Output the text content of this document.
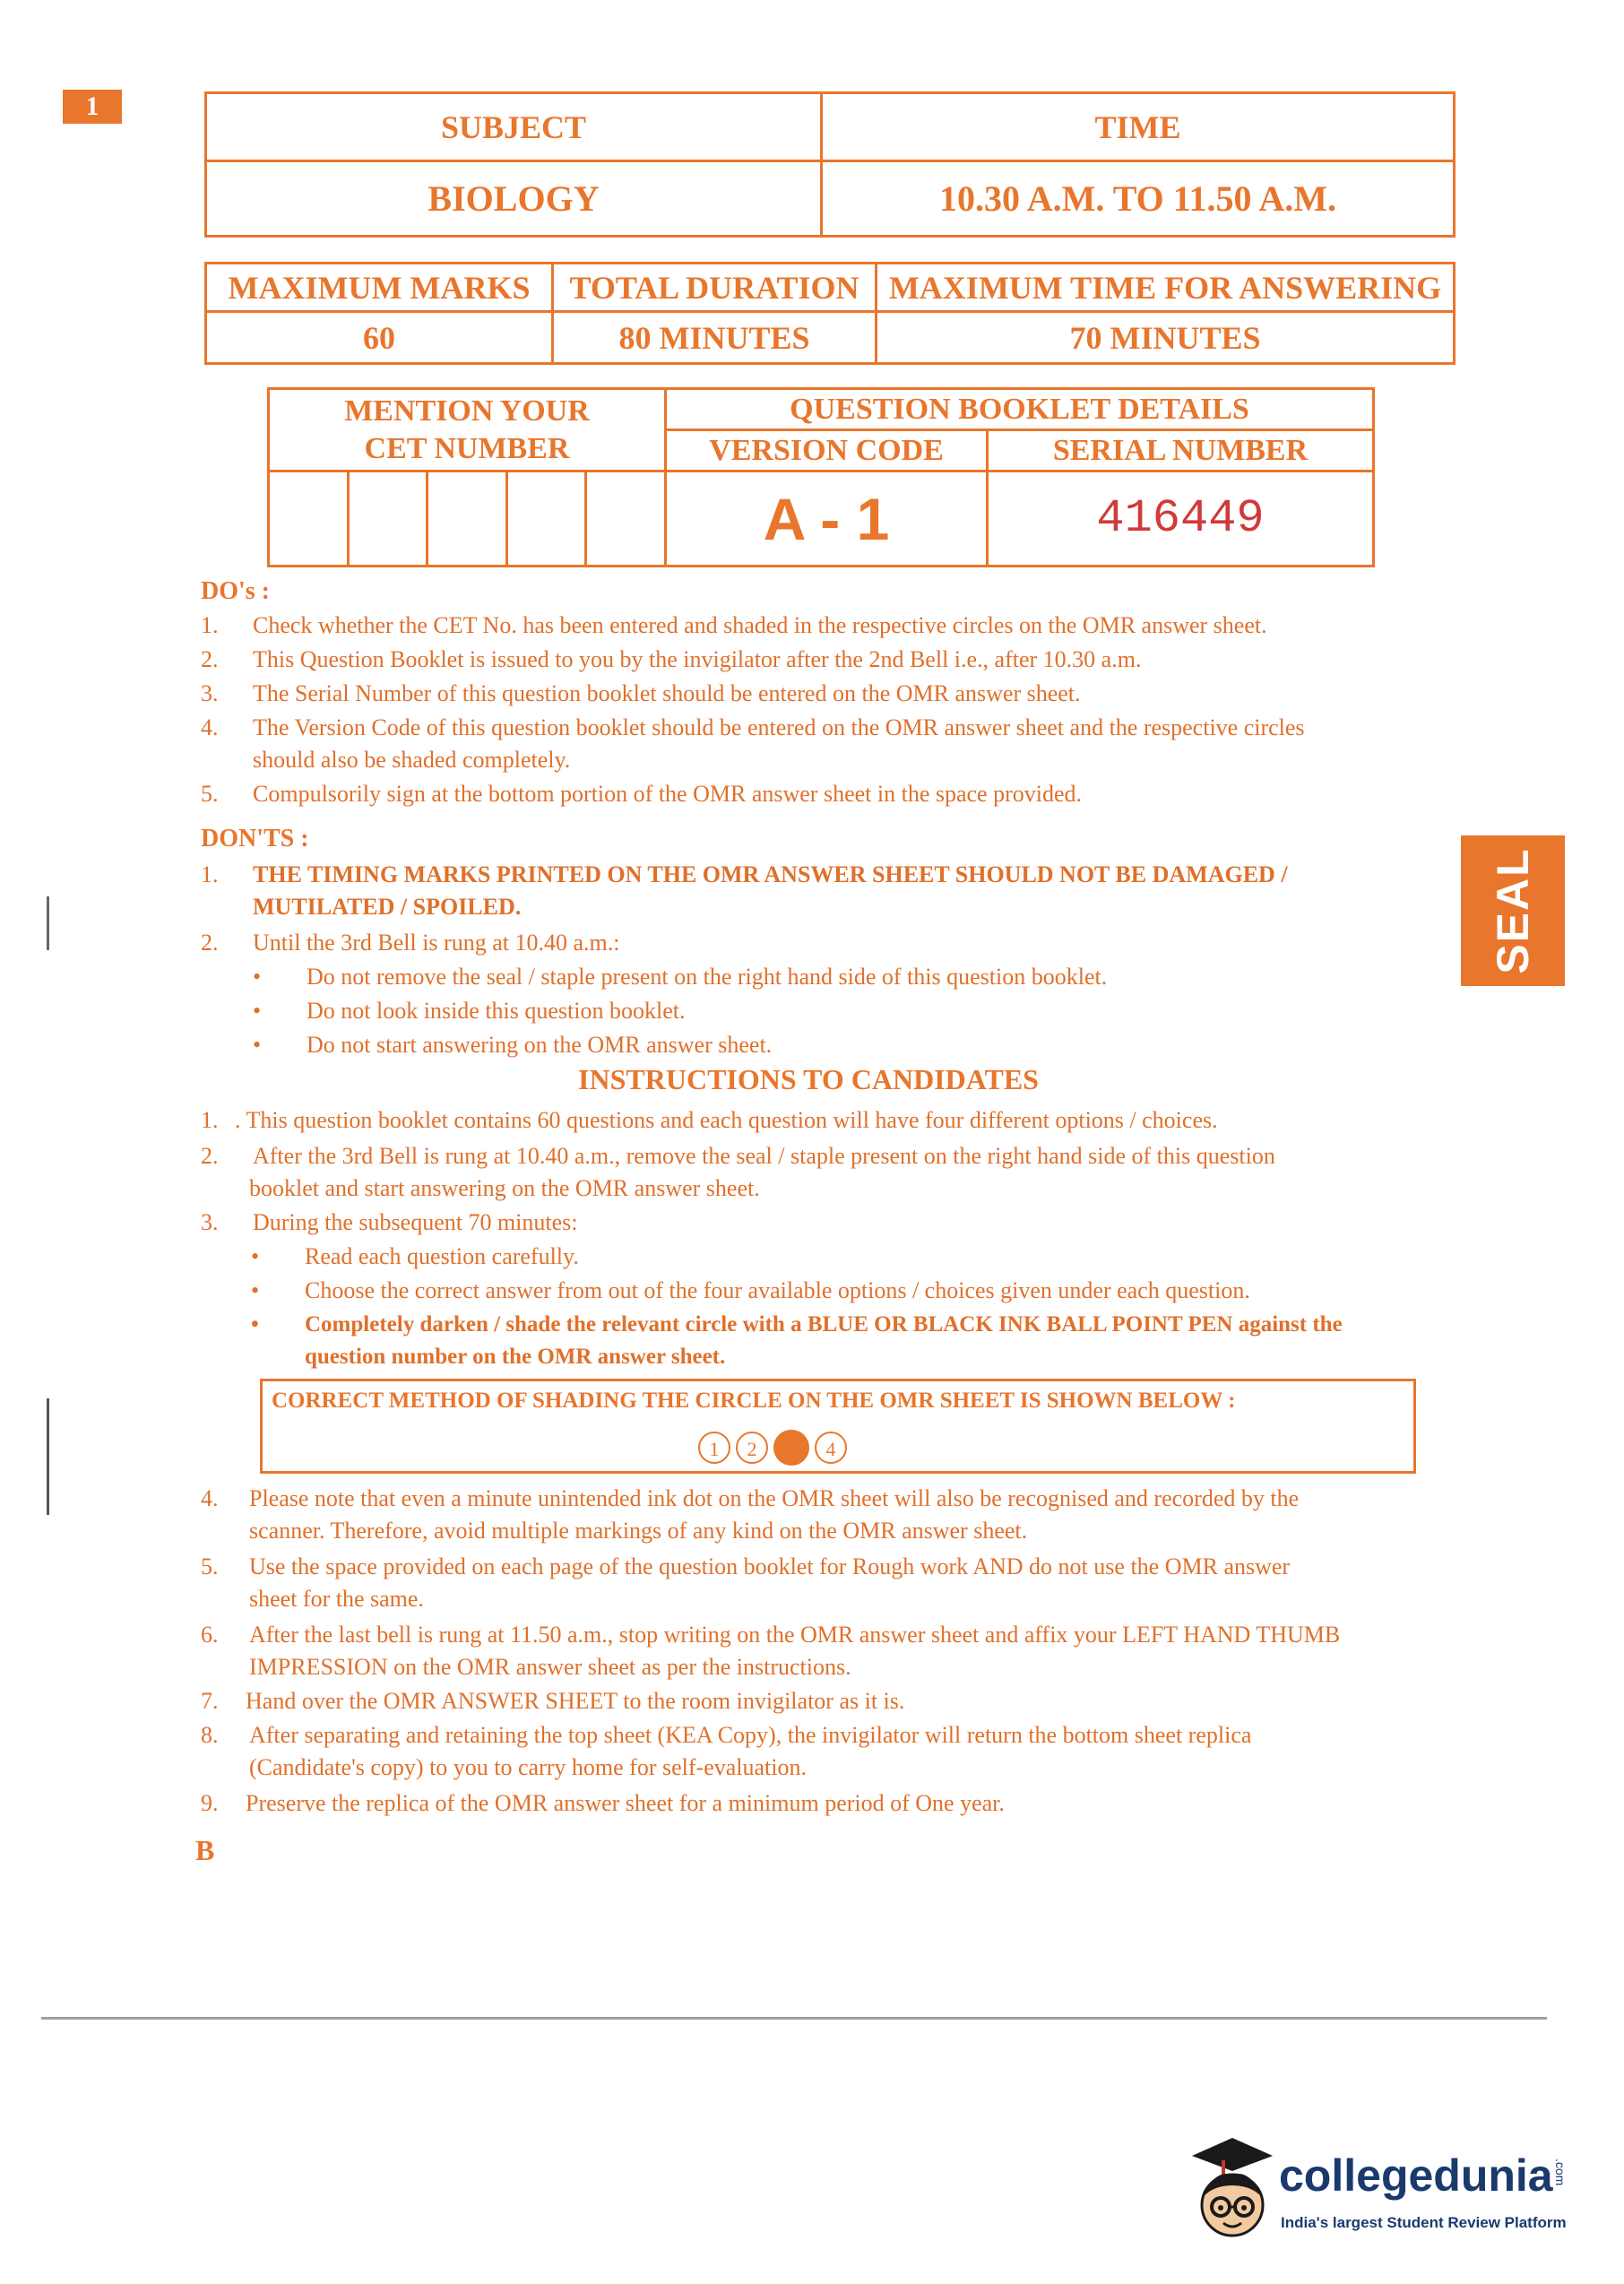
1
SUBJECT	TIME
BIOLOGY	10.30 A.M. TO 11.50 A.M.
MAXIMUM MARKS	TOTAL DURATION	MAXIMUM TIME FOR ANSWERING
60	80 MINUTES	70 MINUTES
MENTION YOUR
CET NUMBER					QUESTION BOOKLET DETAILS	
					VERSION CODE	SERIAL NUMBER
					A - 1	416449
DO's :
1.	Check whether the CET No. has been entered and shaded in the respective circles on the OMR answer sheet.
2.	This Question Booklet is issued to you by the invigilator after the 2nd Bell i.e., after 10.30 a.m.
3.	The Serial Number of this question booklet should be entered on the OMR answer sheet.
4.	The Version Code of this question booklet should be entered on the OMR answer sheet and the respective circles
should also be shaded completely.
5.	Compulsorily sign at the bottom portion of the OMR answer sheet in the space provided.
DON'TS :
1.	THE TIMING MARKS PRINTED ON THE OMR ANSWER SHEET SHOULD NOT BE DAMAGED /
MUTILATED / SPOILED.
2.	Until the 3rd Bell is rung at 10.40 a.m.:
• Do not remove the seal / staple present on the right hand side of this question booklet.
• Do not look inside this question booklet.
• Do not start answering on the OMR answer sheet.
INSTRUCTIONS TO CANDIDATES
1. . This question booklet contains 60 questions and each question will have four different options / choices.
2.	After the 3rd Bell is rung at 10.40 a.m., remove the seal / staple present on the right hand side of this question
booklet and start answering on the OMR answer sheet.
3.	During the subsequent 70 minutes:
• Read each question carefully.
• Choose the correct answer from out of the four available options / choices given under each question.
• Completely darken / shade the relevant circle with a BLUE OR BLACK INK BALL POINT PEN against the
question number on the OMR answer sheet.
CORRECT METHOD OF SHADING THE CIRCLE ON THE OMR SHEET IS SHOWN BELOW :
1	2	4
4.	Please note that even a minute unintended ink dot on the OMR sheet will also be recognised and recorded by the
scanner. Therefore, avoid multiple markings of any kind on the OMR answer sheet.
5.	Use the space provided on each page of the question booklet for Rough work AND do not use the OMR answer
sheet for the same.
6.	After the last bell is rung at 11.50 a.m., stop writing on the OMR answer sheet and affix your LEFT HAND THUMB
IMPRESSION on the OMR answer sheet as per the instructions.
7.	Hand over the OMR ANSWER SHEET to the room invigilator as it is.
8.	After separating and retaining the top sheet (KEA Copy), the invigilator will return the bottom sheet replica
(Candidate's copy) to you to carry home for self-evaluation.
9.	Preserve the replica of the OMR answer sheet for a minimum period of One year.
B
SEAL
collegedunia .com
India's largest Student Review Platform
